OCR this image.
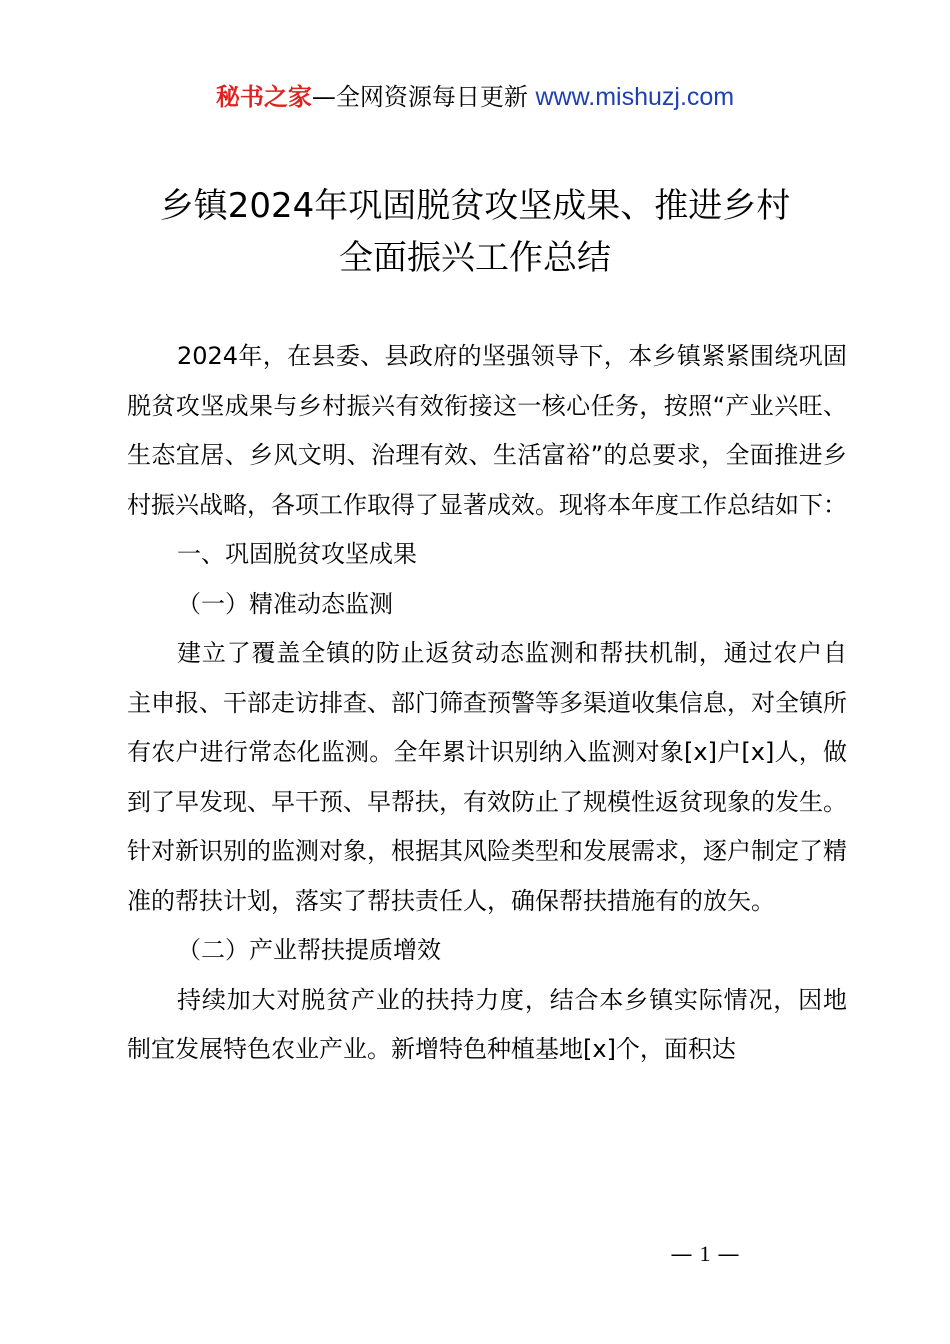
秘书之家—全网资源每日更新 www.mishuzj.com
乡镇2024年巩固脱贫攻坚成果、推进乡村
全面振兴工作总结

2024年，在县委、县政府的坚强领导下，本乡镇紧紧围绕巩固脱贫攻坚成果与乡村振兴有效衔接这一核心任务，按照“产业兴旺、生态宜居、乡风文明、治理有效、生活富裕”的总要求，全面推进乡村振兴战略，各项工作取得了显著成效。现将本年度工作总结如下：

一、巩固脱贫攻坚成果

（一）精准动态监测

建立了覆盖全镇的防止返贫动态监测和帮扶机制，通过农户自主申报、干部走访排查、部门筛查预警等多渠道收集信息，对全镇所有农户进行常态化监测。全年累计识别纳入监测对象[x]户[x]人，做到了早发现、早干预、早帮扶，有效防止了规模性返贫现象的发生。针对新识别的监测对象，根据其风险类型和发展需求，逐户制定了精准的帮扶计划，落实了帮扶责任人，确保帮扶措施有的放矢。

（二）产业帮扶提质增效

持续加大对脱贫产业的扶持力度，结合本乡镇实际情况，因地制宜发展特色农业产业。新增特色种植基地[x]个，面积达

— 1 —
